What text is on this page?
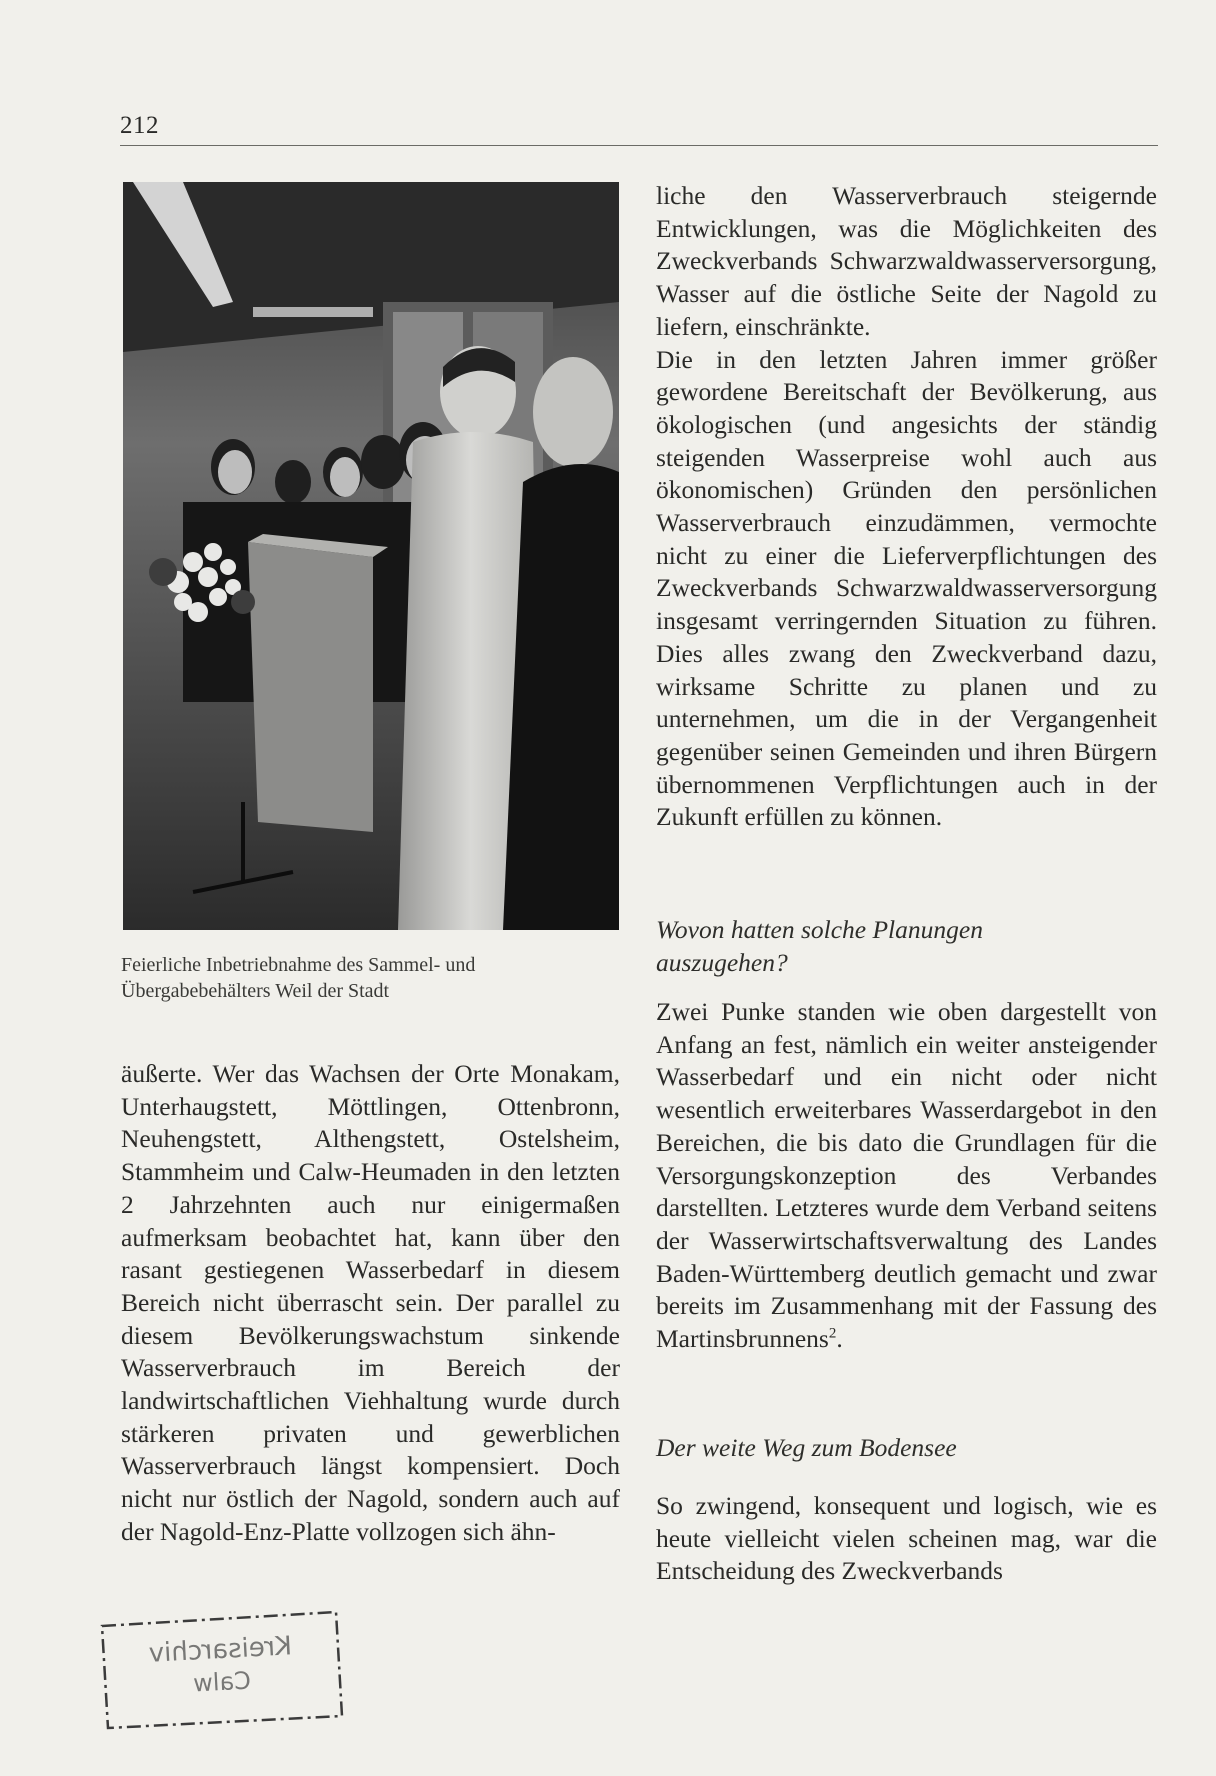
212
Feierliche Inbetriebnahme des Sammel- und Übergabebehälters Weil der Stadt

äußerte. Wer das Wachsen der Orte Monakam, Unterhaugstett, Möttlingen, Ottenbronn, Neuhengstett, Althengstett, Ostelsheim, Stammheim und Calw-Heumaden in den letzten 2 Jahrzehnten auch nur einigermaßen aufmerksam beobachtet hat, kann über den rasant gestiegenen Wasserbedarf in diesem Bereich nicht überrascht sein. Der parallel zu diesem Bevölkerungswachstum sinkende Wasserverbrauch im Bereich der landwirtschaftlichen Viehhaltung wurde durch stärkeren privaten und gewerblichen Wasserverbrauch längst kompensiert. Doch nicht nur östlich der Nagold, sondern auch auf der Nagold-Enz-Platte vollzogen sich ähn-

liche den Wasserverbrauch steigernde Entwicklungen, was die Möglichkeiten des Zweckverbands Schwarzwaldwasserversorgung, Wasser auf die östliche Seite der Nagold zu liefern, einschränkte.

Die in den letzten Jahren immer größer gewordene Bereitschaft der Bevölkerung, aus ökologischen (und angesichts der ständig steigenden Wasserpreise wohl auch aus ökonomischen) Gründen den persönlichen Wasserverbrauch einzudämmen, vermochte nicht zu einer die Lieferverpflichtungen des Zweckverbands Schwarzwaldwasserversorgung insgesamt verringernden Situation zu führen. Dies alles zwang den Zweckverband dazu, wirksame Schritte zu planen und zu unternehmen, um die in der Vergangenheit gegenüber seinen Gemeinden und ihren Bürgern übernommenen Verpflichtungen auch in der Zukunft erfüllen zu können.

Wovon hatten solche Planungen auszugehen?

Zwei Punke standen wie oben dargestellt von Anfang an fest, nämlich ein weiter ansteigender Wasserbedarf und ein nicht oder nicht wesentlich erweiterbares Wasserdargebot in den Bereichen, die bis dato die Grundlagen für die Versorgungskonzeption des Verbandes darstellten. Letzteres wurde dem Verband seitens der Wasserwirtschaftsverwaltung des Landes Baden-Württemberg deutlich gemacht und zwar bereits im Zusammenhang mit der Fassung des Martinsbrunnens$^2$.

Der weite Weg zum Bodensee

So zwingend, konsequent und logisch, wie es heute vielleicht vielen scheinen mag, war die Entscheidung des Zweckverbands

Kreisarchiv
Calw
